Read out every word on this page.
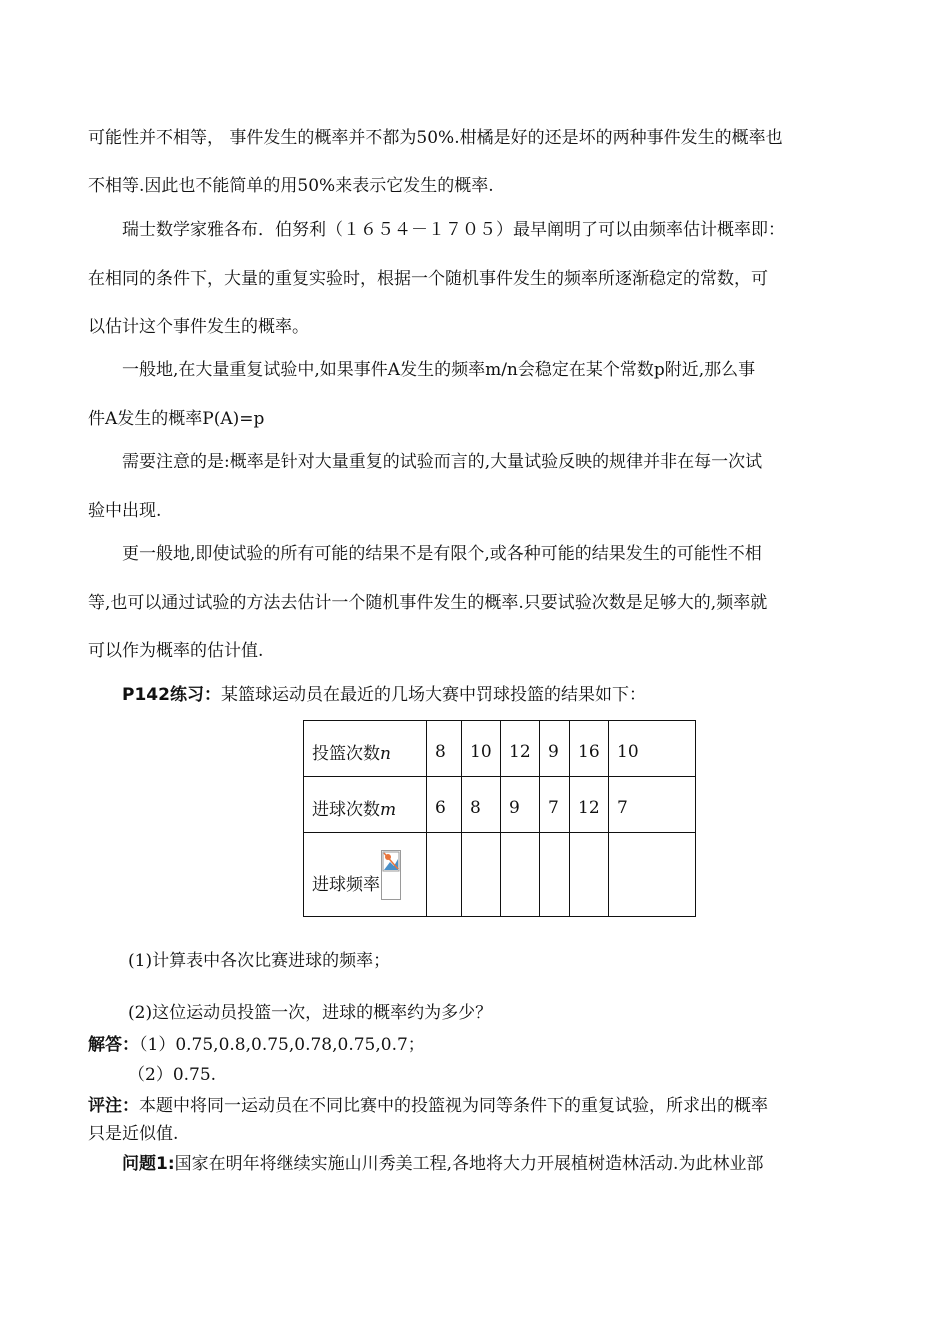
可能性并不相等， 事件发生的概率并不都为50%.柑橘是好的还是坏的两种事件发生的概率也
不相等.因此也不能简单的用50%来表示它发生的概率.
瑞士数学家雅各布．伯努利（１６５４－１７０５）最早阐明了可以由频率估计概率即：
在相同的条件下，大量的重复实验时，根据一个随机事件发生的频率所逐渐稳定的常数，可
以估计这个事件发生的概率。
一般地,在大量重复试验中,如果事件A发生的频率m/n会稳定在某个常数p附近,那么事
件A发生的概率P(A)=p
需要注意的是:概率是针对大量重复的试验而言的,大量试验反映的规律并非在每一次试
验中出现.
更一般地,即使试验的所有可能的结果不是有限个,或各种可能的结果发生的可能性不相
等,也可以通过试验的方法去估计一个随机事件发生的概率.只要试验次数是足够大的,频率就
可以作为概率的估计值.
P142练习：某篮球运动员在最近的几场大赛中罚球投篮的结果如下：
投篮次数n	8	10	12	9	16	10
进球次数m	6	8	9	7	12	7
进球频率

(1)计算表中各次比赛进球的频率；
(2)这位运动员投篮一次，进球的概率约为多少？
解答：（1）0.75,0.8,0.75,0.78,0.75,0.7；
（2）0.75.
评注：本题中将同一运动员在不同比赛中的投篮视为同等条件下的重复试验，所求出的概率
只是近似值.
问题1:国家在明年将继续实施山川秀美工程,各地将大力开展植树造林活动.为此林业部
